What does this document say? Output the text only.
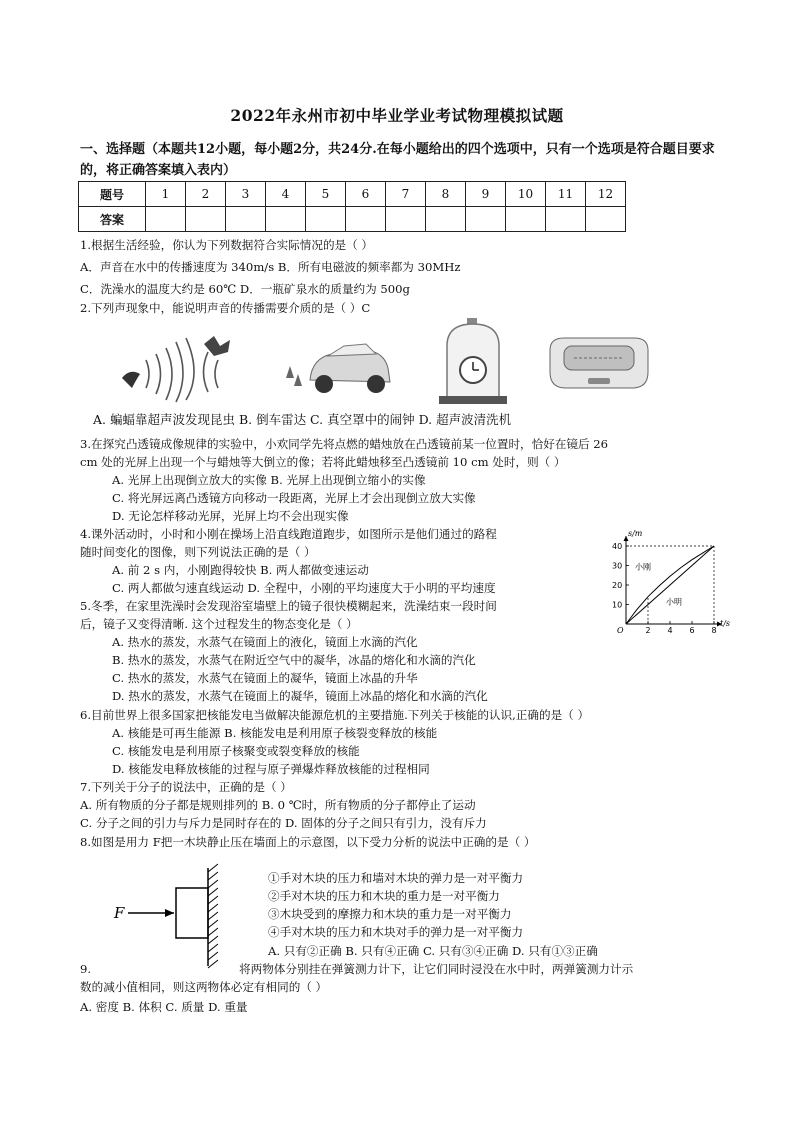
2022年永州市初中毕业学业考试物理模拟试题
一、选择题（本题共12小题，每小题2分，共24分.在每小题给出的四个选项中，只有一个选项是符合题目要求的，将正确答案填入表内）
题号	1	2	3	4	5	6	7	8	9	10	11	12
答案												
1.根据生活经验，你认为下列数据符合实际情况的是（ ）
A．声音在水中的传播速度为 340m/s B．所有电磁波的频率都为 30MHz
C．洗澡水的温度大约是 60℃ D．一瓶矿泉水的质量约为 500g
2.下列声现象中，能说明声音的传播需要介质的是（ ）C
A. 蝙蝠靠超声波发现昆虫 B. 倒车雷达 C. 真空罩中的闹钟 D. 超声波清洗机
3.在探究凸透镜成像规律的实验中，小欢同学先将点燃的蜡烛放在凸透镜前某一位置时，恰好在镜后 26
cm 处的光屏上出现一个与蜡烛等大倒立的像；若将此蜡烛移至凸透镜前 10 cm 处时，则（ ）
A. 光屏上出现倒立放大的实像 B. 光屏上出现倒立缩小的实像
C. 将光屏远离凸透镜方向移动一段距离，光屏上才会出现倒立放大实像
D. 无论怎样移动光屏，光屏上均不会出现实像
4.课外活动时，小时和小刚在操场上沿直线跑道跑步，如图所示是他们通过的路程
随时间变化的图像，则下列说法正确的是（ ）
A. 前 2 s 内，小刚跑得较快 B. 两人都做变速运动
C. 两人都做匀速直线运动 D. 全程中，小刚的平均速度大于小明的平均速度
t/s
s/m
O	2 4 6 8
10
20
30
40
小刚
小明
5.冬季，在家里洗澡时会发现浴室墙壁上的镜子很快模糊起来，洗澡结束一段时间
后，镜子又变得清晰. 这个过程发生的物态变化是（ ）
A. 热水的蒸发，水蒸气在镜面上的液化，镜面上水滴的汽化
B. 热水的蒸发，水蒸气在附近空气中的凝华，冰晶的熔化和水滴的汽化
C. 热水的蒸发，水蒸气在镜面上的凝华，镜面上冰晶的升华
D. 热水的蒸发，水蒸气在镜面上的凝华，镜面上冰晶的熔化和水滴的汽化
6.目前世界上很多国家把核能发电当做解决能源危机的主要措施.下列关于核能的认识,正确的是（ ）
A. 核能是可再生能源 B. 核能发电是利用原子核裂变释放的核能
C. 核能发电是利用原子核聚变或裂变释放的核能
D. 核能发电释放核能的过程与原子弹爆炸释放核能的过程相同
7.下列关于分子的说法中，正确的是（ ）
A. 所有物质的分子都是规则排列的 B. 0 ℃时，所有物质的分子都停止了运动
C. 分子之间的引力与斥力是同时存在的 D. 固体的分子之间只有引力，没有斥力
8.如图是用力 F把一木块静止压在墙面上的示意图，以下受力分析的说法中正确的是（ ）
F
①手对木块的压力和墙对木块的弹力是一对平衡力
②手对木块的压力和木块的重力是一对平衡力
③木块受到的摩擦力和木块的重力是一对平衡力
④手对木块的压力和木块对手的弹力是一对平衡力
A. 只有②正确 B. 只有④正确 C. 只有③④正确 D. 只有①③正确
9.	将两物体分别挂在弹簧测力计下，让它们同时浸没在水中时，两弹簧测力计示
数的减小值相同，则这两物体必定有相同的（ ）
A. 密度 B. 体积 C. 质量 D. 重量
